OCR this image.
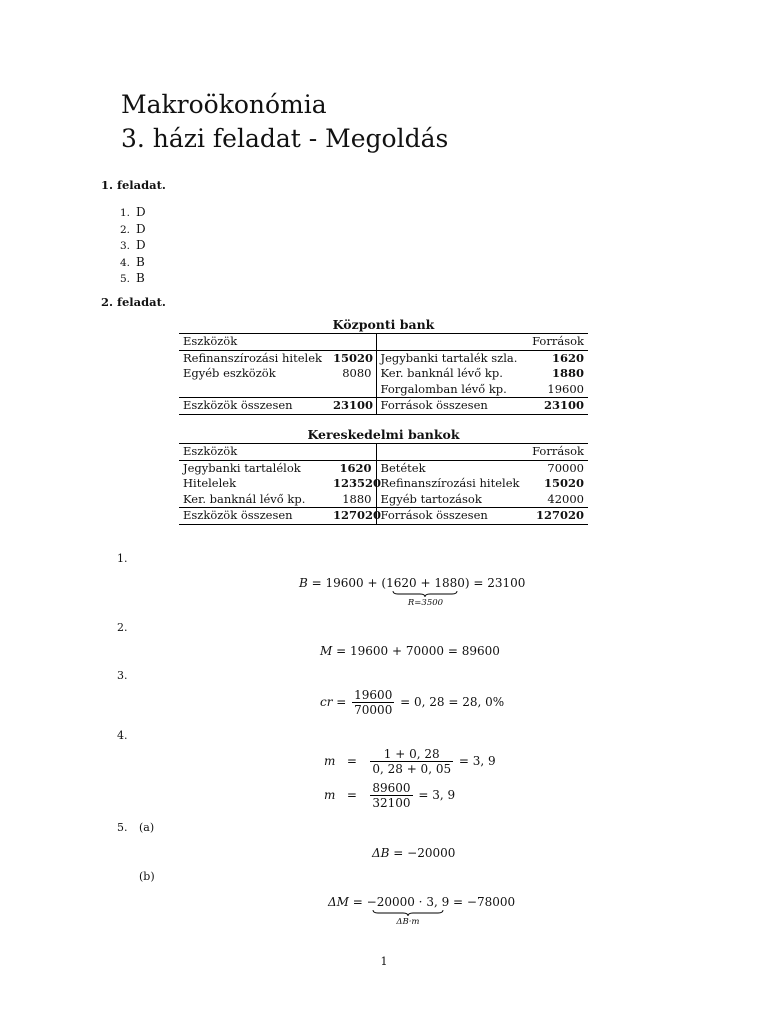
Makroökonómia
3. házi feladat - Megoldás
1. feladat.
1. D
2. D
3. D
4. B
5. B
2. feladat.
Központi bank
Eszközök			Források
Refinanszírozási hitelek	15020	Jegybanki tartalék szla.	1620
Egyéb eszközök	8080	Ker. banknál lévő kp.	1880
		Forgalomban lévő kp.	19600
Eszközök összesen	23100	Források összesen	23100
Kereskedelmi bankok
Eszközök			Források
Jegybanki tartalélok	1620	Betétek	70000
Hitelelek	123520	Refinanszírozási hitelek	15020
Ker. banknál lévő kp.	1880	Egyéb tartozások	42000
Eszközök összesen	127020	Források összesen	127020
1.
B = 19600 + (1620 + 1880
R=3500
) = 23100
2.
M = 19600 + 70000 = 89600
3.
cr = $\frac{19600}{70000} = 0$, 28 = 28, 0%
4.
$m = \frac{1 + 0, 28}{0, 28 + 0, 05} = 3$, 9
$m = \frac{89600}{32100} = 3$, 9
5. (a)
ΔB = −20000
(b)
ΔM = −20000 · 3, 9
ΔB·m
= −78000
1
